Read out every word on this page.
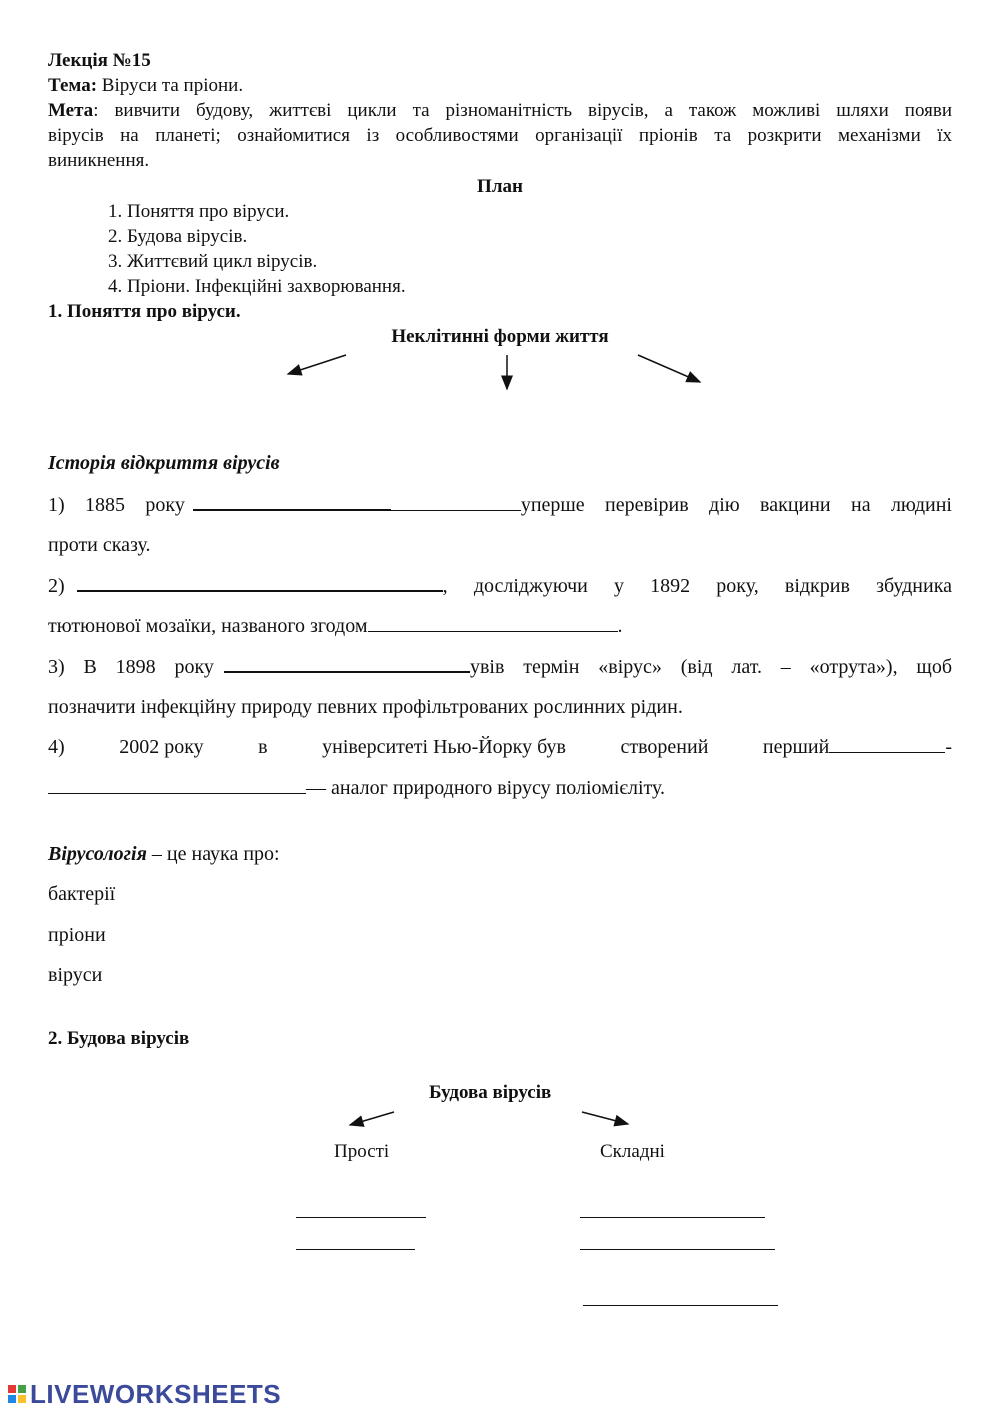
Лекція №15
Тема: Віруси та пріони.
Мета: вивчити будову, життєві цикли та різноманітність вірусів, а також можливі шляхи появи
вірусів на планеті; ознайомитися із особливостями організації пріонів та розкрити механізми їх
виникнення.
План
1. Поняття про віруси.
2. Будова вірусів.
3. Життєвий цикл вірусів.
4. Пріони. Інфекційні захворювання.
1. Поняття про віруси.
Неклітинні форми життя
Історія відкриття вірусів
1) 1885 року	уперше перевірив дію вакцини на людині
проти сказу.
2)	, досліджуючи у 1892 року, відкрив збудника
тютюнової мозаїки, названого згодом	.
3) В 1898 року	увів термін «вірус» (від лат. – «отрута»), щоб
позначити інфекційну природу певних профільтрованих рослинних рідин.
4)	2002 року	в	університеті Нью-Йорку був	створений	перший	-
— аналог природного вірусу поліомієліту.
Вірусологія – це наука про:
бактерії
пріони
віруси
2. Будова вірусів
Будова вірусів
Прості	Складні
LIVEWORKSHEETS
